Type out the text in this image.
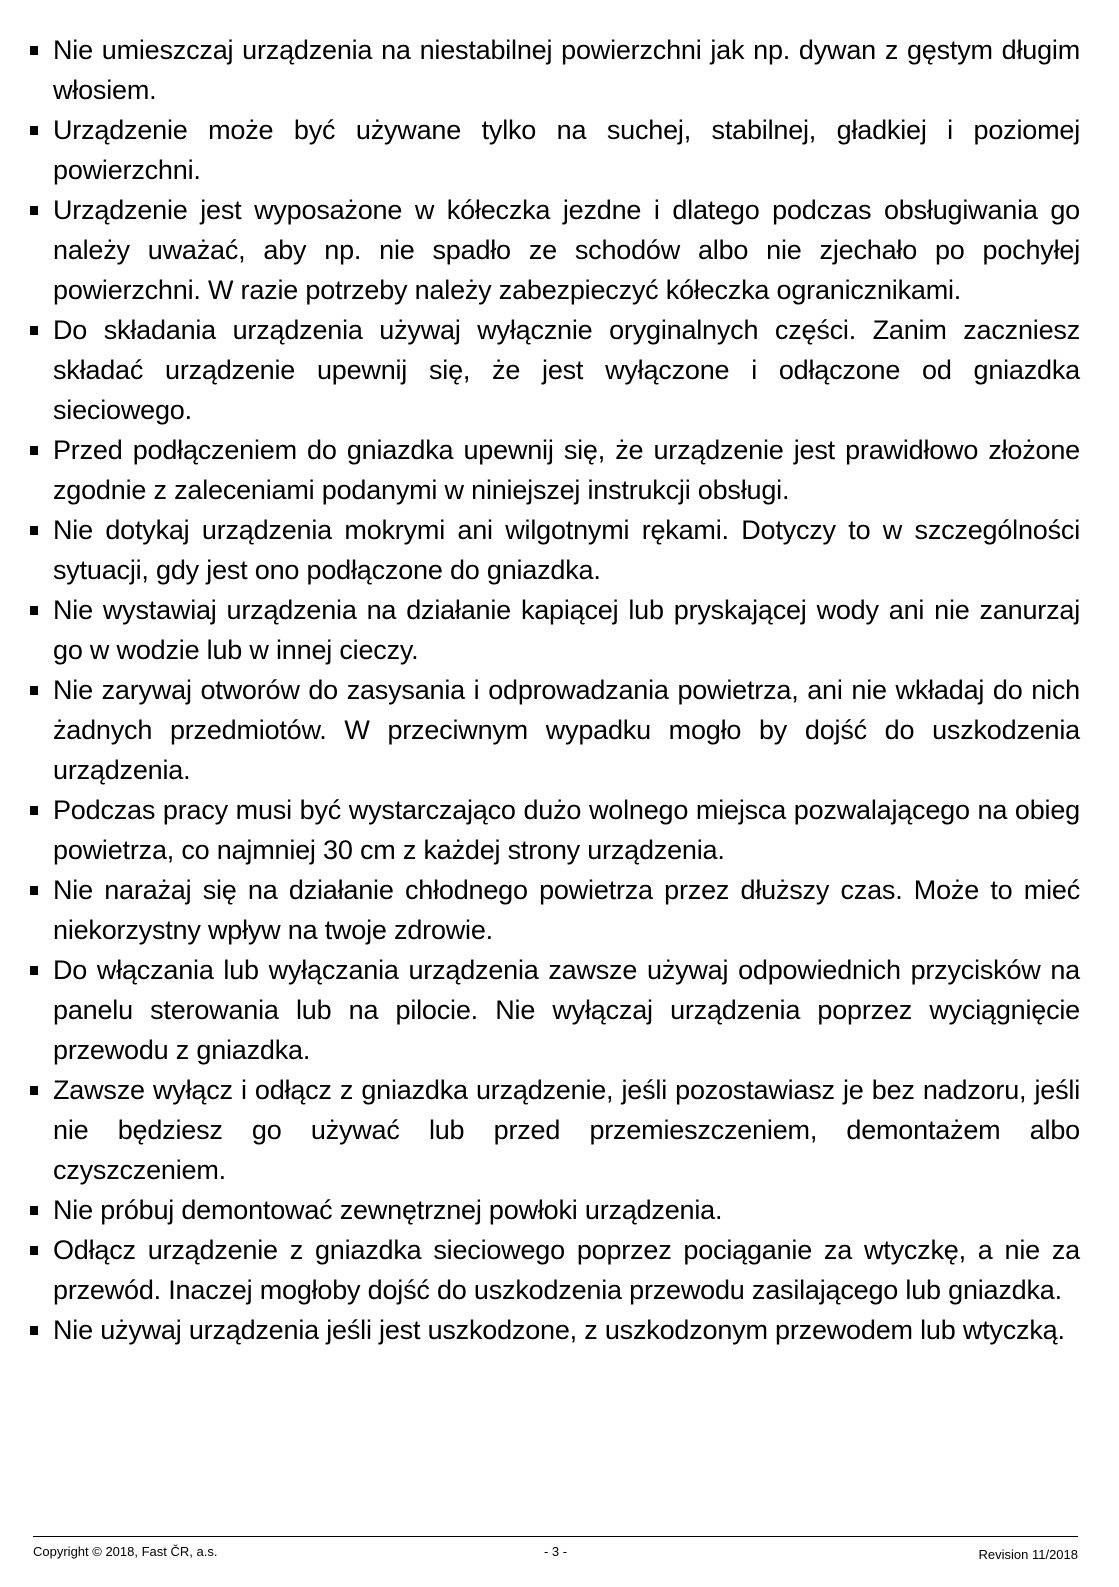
Nie umieszczaj urządzenia na niestabilnej powierzchni jak np. dywan z gęstym długim włosiem.
Urządzenie może być używane tylko na suchej, stabilnej, gładkiej i poziomej powierzchni.
Urządzenie jest wyposażone w kółeczka jezdne i dlatego podczas obsługiwania go należy uważać, aby np. nie spadło ze schodów albo nie zjechało po pochyłej powierzchni. W razie potrzeby należy zabezpieczyć kółeczka ogranicznikami.
Do składania urządzenia używaj wyłącznie oryginalnych części. Zanim zaczniesz składać urządzenie upewnij się, że jest wyłączone i odłączone od gniazdka sieciowego.
Przed podłączeniem do gniazdka upewnij się, że urządzenie jest prawidłowo złożone zgodnie z zaleceniami podanymi w niniejszej instrukcji obsługi.
Nie dotykaj urządzenia mokrymi ani wilgotnymi rękami. Dotyczy to w szczególności sytuacji, gdy jest ono podłączone do gniazdka.
Nie wystawiaj urządzenia na działanie kapiącej lub pryskającej wody ani nie zanurzaj go w wodzie lub w innej cieczy.
Nie zarywaj otworów do zasysania i odprowadzania powietrza, ani nie wkładaj do nich żadnych przedmiotów. W przeciwnym wypadku mogło by dojść do uszkodzenia urządzenia.
Podczas pracy musi być wystarczająco dużo wolnego miejsca pozwalającego na obieg powietrza, co najmniej 30 cm z każdej strony urządzenia.
Nie narażaj się na działanie chłodnego powietrza przez dłuższy czas. Może to mieć niekorzystny wpływ na twoje zdrowie.
Do włączania lub wyłączania urządzenia zawsze używaj odpowiednich przycisków na panelu sterowania lub na pilocie. Nie wyłączaj urządzenia poprzez wyciągnięcie przewodu z gniazdka.
Zawsze wyłącz i odłącz z gniazdka urządzenie, jeśli pozostawiasz je bez nadzoru, jeśli nie będziesz go używać lub przed przemieszczeniem, demontażem albo czyszczeniem.
Nie próbuj demontować zewnętrznej powłoki urządzenia.
Odłącz urządzenie z gniazdka sieciowego poprzez pociąganie za wtyczkę, a nie za przewód. Inaczej mogłoby dojść do uszkodzenia przewodu zasilającego lub gniazdka.
Nie używaj urządzenia jeśli jest uszkodzone, z uszkodzonym przewodem lub wtyczką.
Copyright © 2018, Fast ČR, a.s.	- 3 -	Revision 11/2018
